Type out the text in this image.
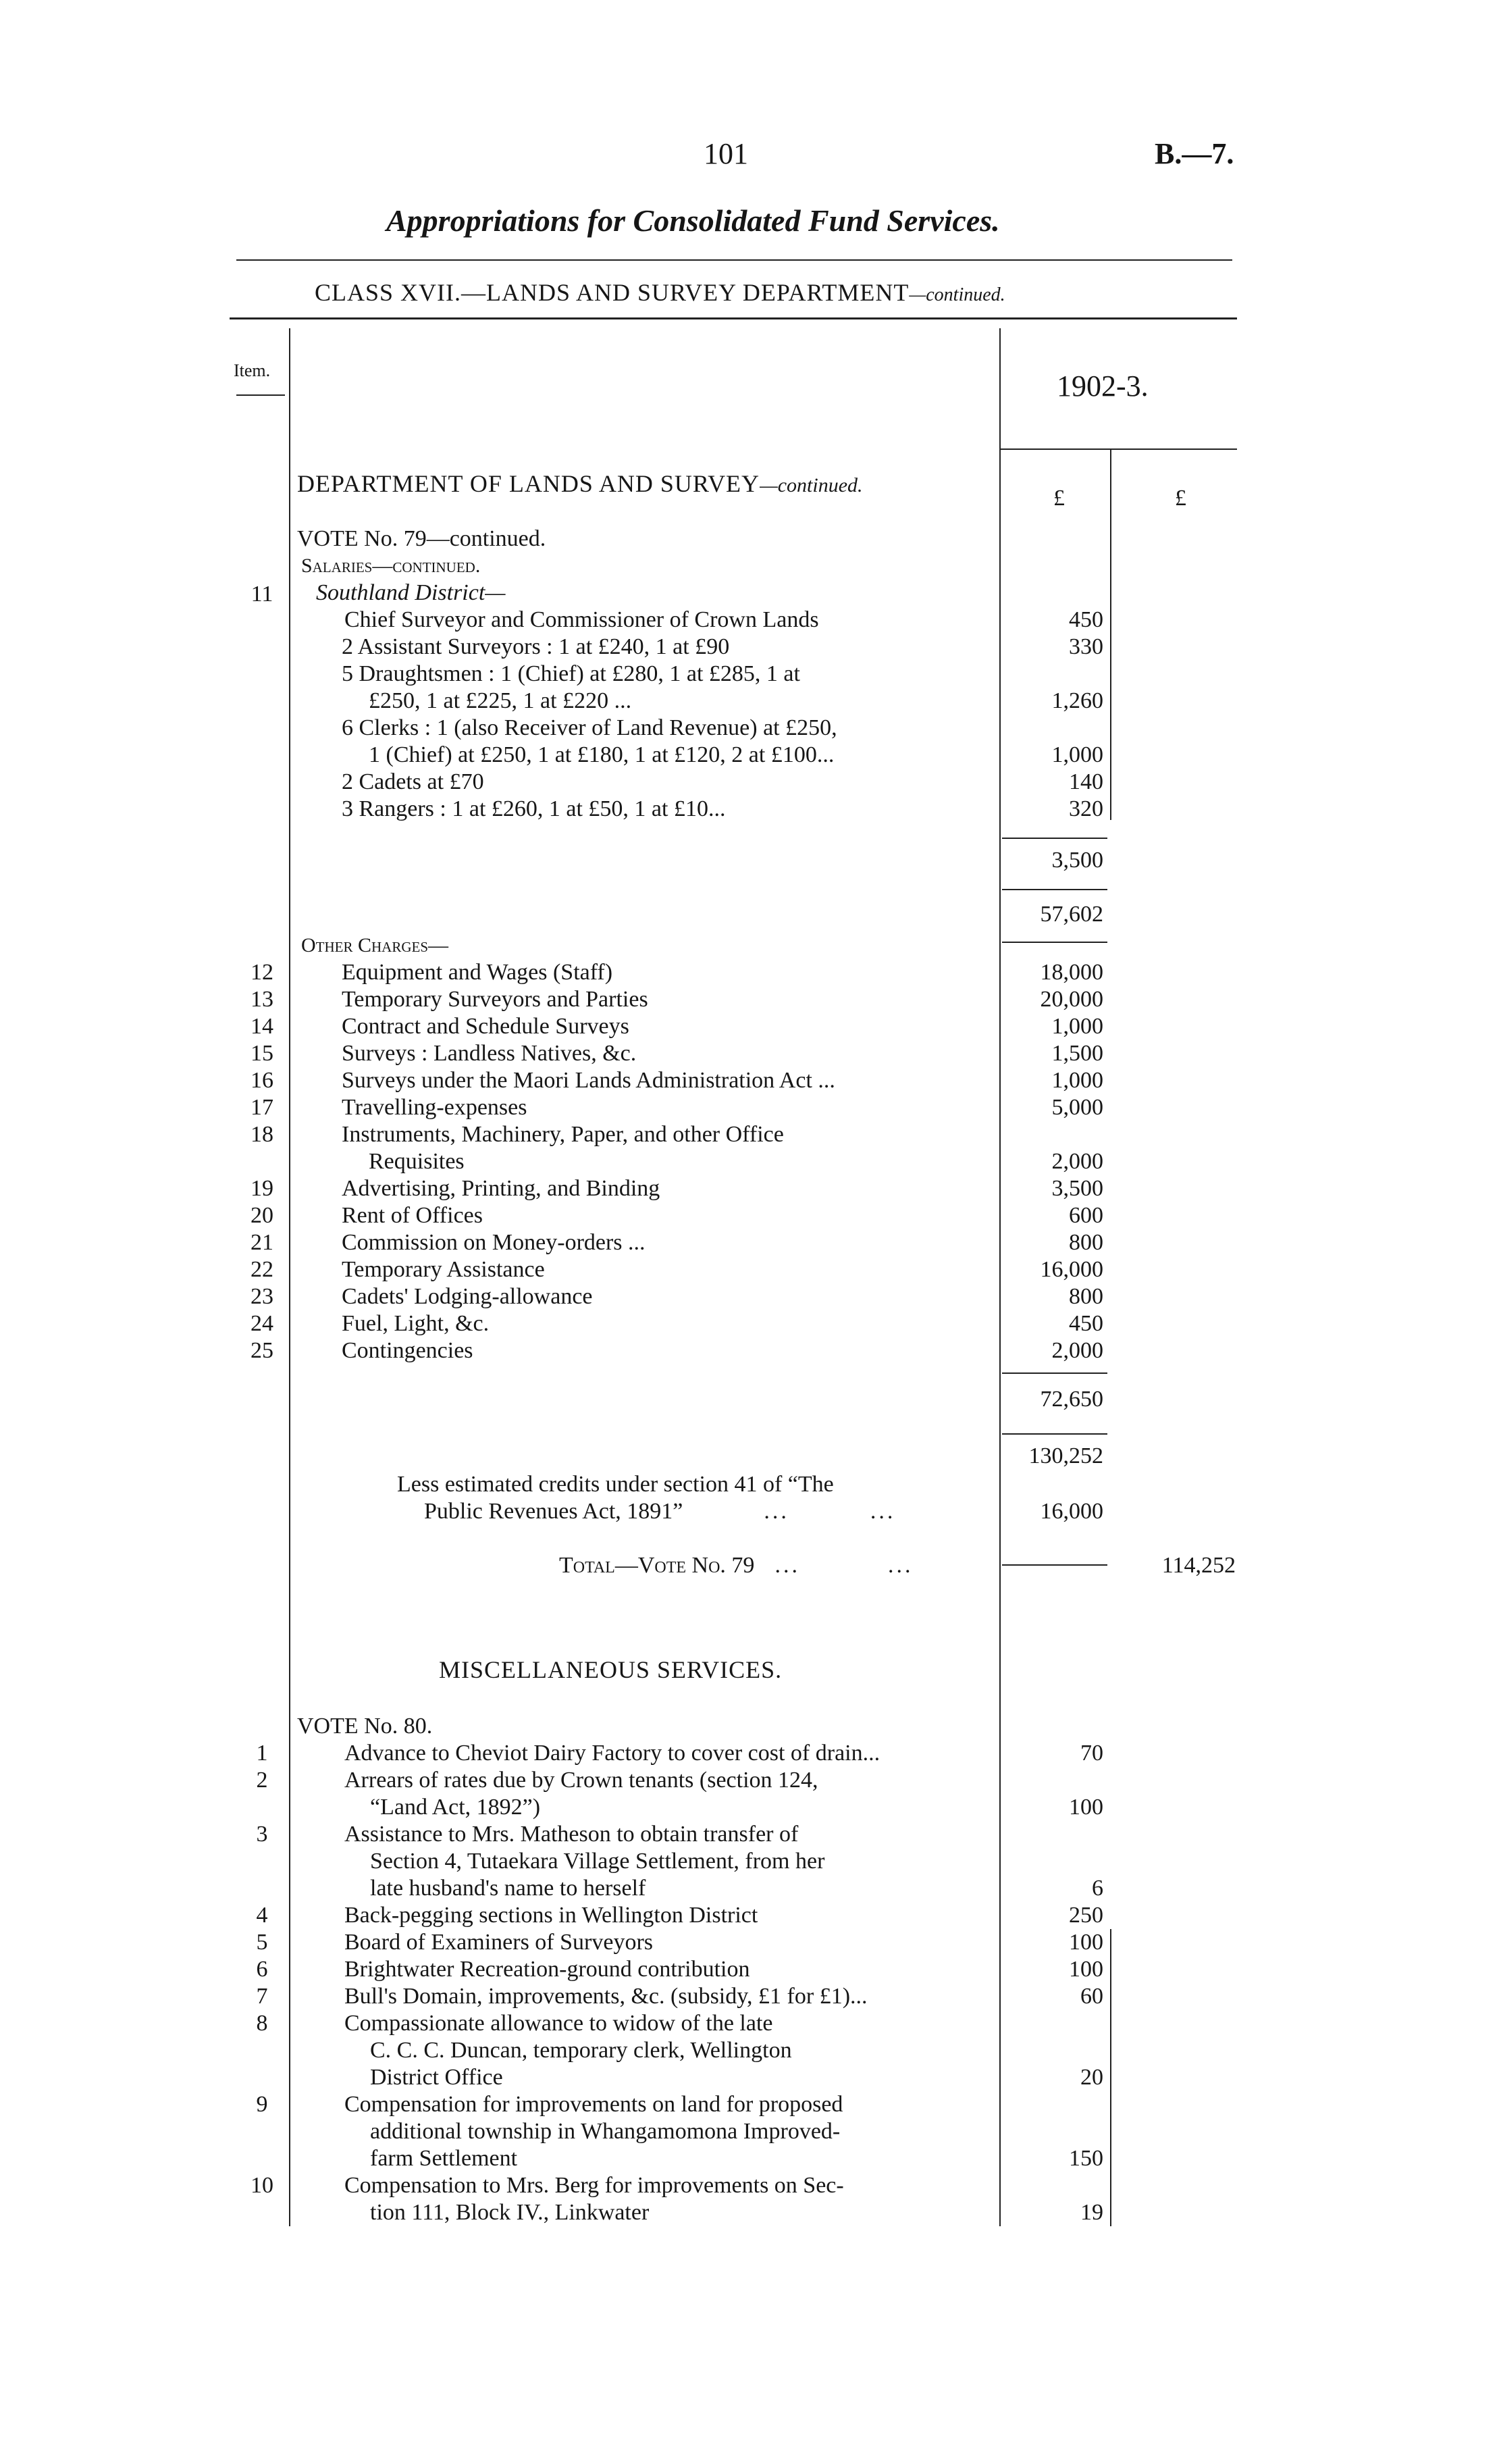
101	B.—7.
Appropriations for Consolidated Fund Services.
CLASS XVII.—LANDS AND SURVEY DEPARTMENT—continued.
Item.	1902-3.
£	£
DEPARTMENT OF LANDS AND SURVEY—continued.
VOTE No. 79—continued.
Salaries—continued.
Southland District—
11
Chief Surveyor and Commissioner of Crown Lands	450
2 Assistant Surveyors : 1 at £240, 1 at £90	330
5 Draughtsmen : 1 (Chief) at £280, 1 at £285, 1 at
£250, 1 at £225, 1 at £220 ...	1,260
6 Clerks : 1 (also Receiver of Land Revenue) at £250,
1 (Chief) at £250, 1 at £180, 1 at £120, 2 at £100...	1,000
2 Cadets at £70	140
3 Rangers : 1 at £260, 1 at £50, 1 at £10...	320
3,500
57,602
Other Charges—
12	Equipment and Wages (Staff)	18,000
13	Temporary Surveyors and Parties	20,000
14	Contract and Schedule Surveys	1,000
15	Surveys : Landless Natives, &c.	1,500
16	Surveys under the Maori Lands Administration Act ...	1,000
17	Travelling-expenses	5,000
18	Instruments, Machinery, Paper, and other Office
Requisites	2,000
19	Advertising, Printing, and Binding	3,500
20	Rent of Offices	600
21	Commission on Money-orders ...	800
22	Temporary Assistance	16,000
23	Cadets' Lodging-allowance	800
24	Fuel, Light, &c.	450
25	Contingencies	2,000
72,650
130,252
Less estimated credits under section 41 of “The
Public Revenues Act, 1891”	...	...	16,000
Total—Vote No. 79 ...	...	114,252
MISCELLANEOUS SERVICES.
VOTE No. 80.
1	Advance to Cheviot Dairy Factory to cover cost of drain...	70
2	Arrears of rates due by Crown tenants (section 124,
“Land Act, 1892”)	100
3	Assistance to Mrs. Matheson to obtain transfer of
Section 4, Tutaekara Village Settlement, from her
late husband's name to herself	6
4	Back-pegging sections in Wellington District	250
5	Board of Examiners of Surveyors	100
6	Brightwater Recreation-ground contribution	100
7	Bull's Domain, improvements, &c. (subsidy, £1 for £1)...	60
8	Compassionate allowance to widow of the late
C. C. C. Duncan, temporary clerk, Wellington
District Office	20
9	Compensation for improvements on land for proposed
additional township in Whangamomona Improved-
farm Settlement	150
10	Compensation to Mrs. Berg for improvements on Sec-
tion 111, Block IV., Linkwater	19
